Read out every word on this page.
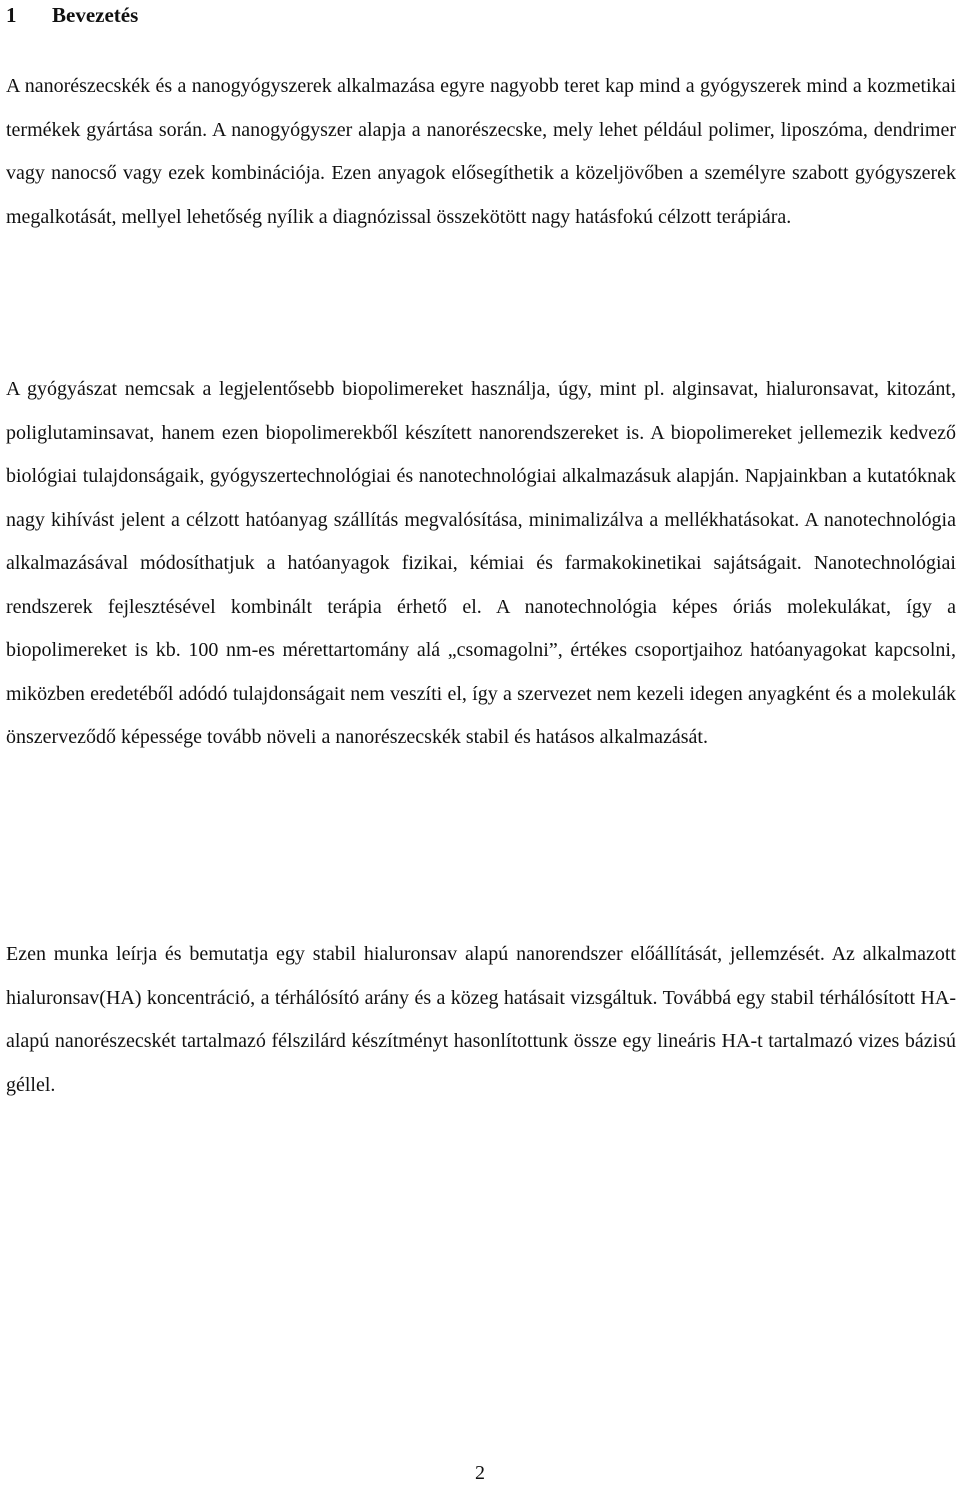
1 Bevezetés

A nanorészecskék és a nanogyógyszerek alkalmazása egyre nagyobb teret kap mind a gyógyszerek mind a kozmetikai termékek gyártása során. A nanogyógyszer alapja a nanorészecske, mely lehet például polimer, liposzóma, dendrimer vagy nanocső vagy ezek kombinációja. Ezen anyagok elősegíthetik a közeljövőben a személyre szabott gyógyszerek megalkotását, mellyel lehetőség nyílik a diagnózissal összekötött nagy hatásfokú célzott terápiára.

A gyógyászat nemcsak a legjelentősebb biopolimereket használja, úgy, mint pl. alginsavat, hialuronsavat, kitozánt, poliglutaminsavat, hanem ezen biopolimerekből készített nanorendszereket is. A biopolimereket jellemezik kedvező biológiai tulajdonságaik, gyógyszertechnológiai és nanotechnológiai alkalmazásuk alapján. Napjainkban a kutatóknak nagy kihívást jelent a célzott hatóanyag szállítás megvalósítása, minimalizálva a mellékhatásokat. A nanotechnológia alkalmazásával módosíthatjuk a hatóanyagok fizikai, kémiai és farmakokinetikai sajátságait. Nanotechnológiai rendszerek fejlesztésével kombinált terápia érhető el. A nanotechnológia képes óriás molekulákat, így a biopolimereket is kb. 100 nm-es mérettartomány alá „csomagolni”, értékes csoportjaihoz hatóanyagokat kapcsolni, miközben eredetéből adódó tulajdonságait nem veszíti el, így a szervezet nem kezeli idegen anyagként és a molekulák önszerveződő képessége tovább növeli a nanorészecskék stabil és hatásos alkalmazását.

Ezen munka leírja és bemutatja egy stabil hialuronsav alapú nanorendszer előállítását, jellemzését. Az alkalmazott hialuronsav(HA) koncentráció, a térhálósító arány és a közeg hatásait vizsgáltuk. Továbbá egy stabil térhálósított HA-alapú nanorészecskét tartalmazó félszilárd készítményt hasonlítottunk össze egy lineáris HA-t tartalmazó vizes bázisú géllel.

2
